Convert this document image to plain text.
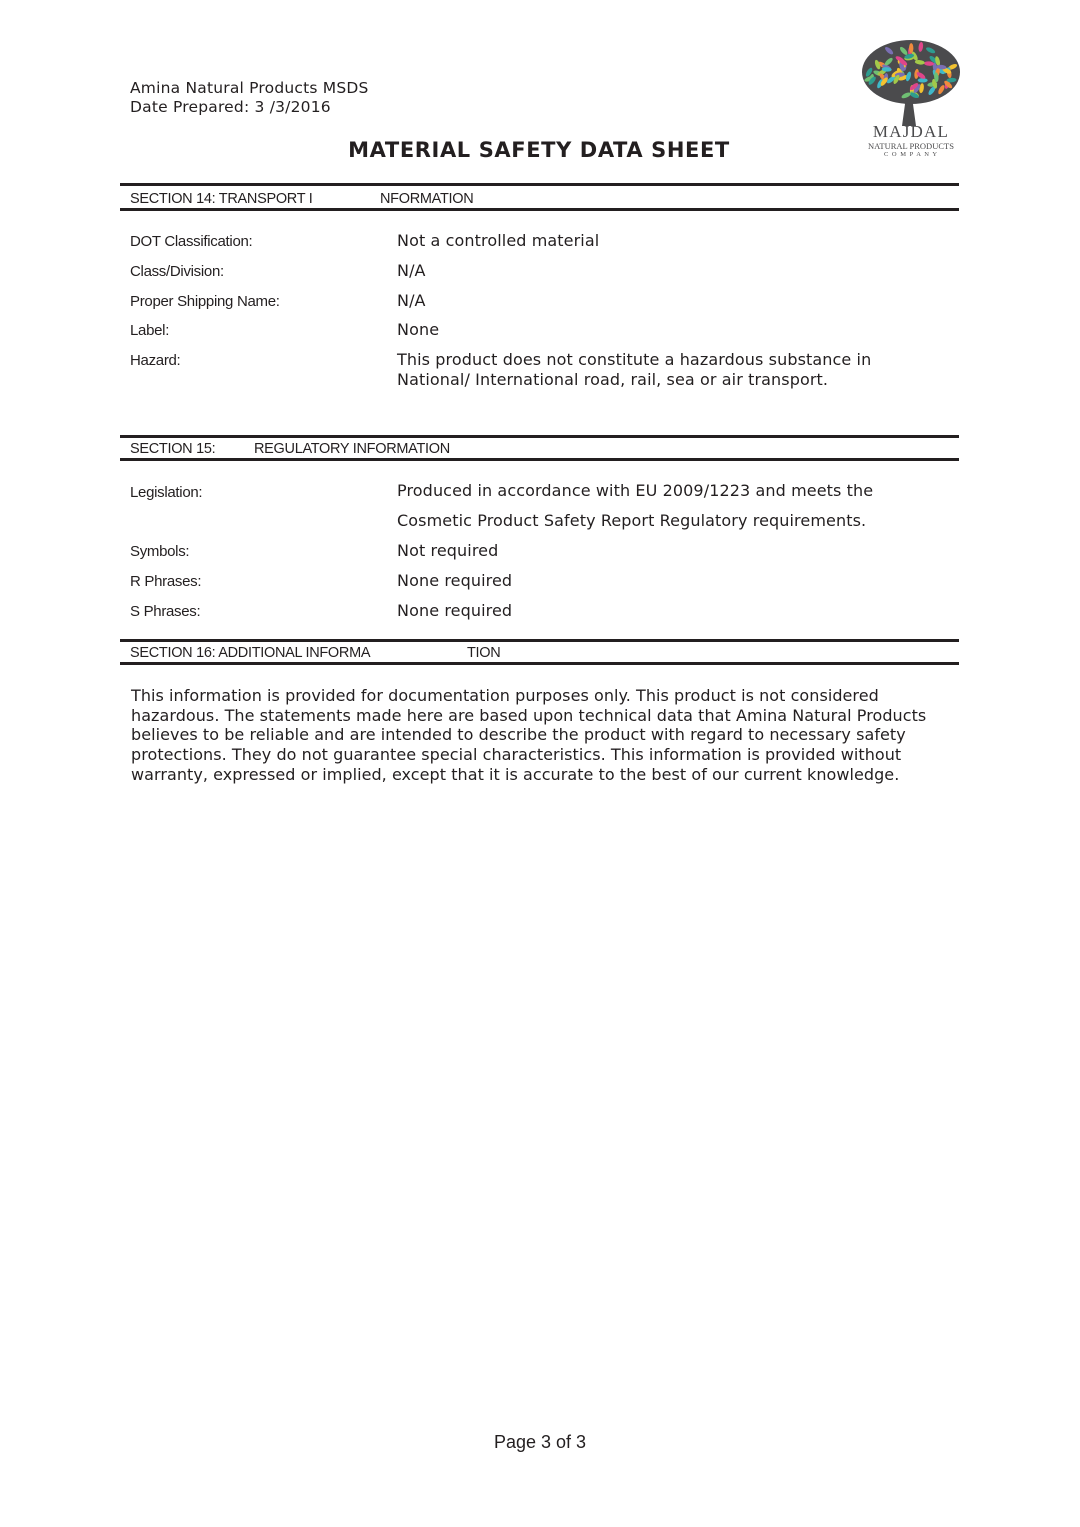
Amina Natural Products MSDS
Date Prepared: 3 /3/2016
MATERIAL SAFETY DATA SHEET
MAJDAL
NATURAL PRODUCTS
C O M P A N Y
SECTION 14: TRANSPORT I	NFORMATION
DOT Classification:	Not a controlled material
Class/Division:	N/A
Proper Shipping Name:	N/A
Label:	None
Hazard:	This product does not constitute a hazardous substance in
National/ International road, rail, sea or air transport.
SECTION 15:	REGULATORY INFORMATION
Legislation:	Produced in accordance with EU 2009/1223 and meets the
Cosmetic Product Safety Report Regulatory requirements.
Symbols:	Not required
R Phrases:	None required
S Phrases:	None required
SECTION 16: ADDITIONAL INFORMA	TION
This information is provided for documentation purposes only. This product is not considered
hazardous. The statements made here are based upon technical data that Amina Natural Products
believes to be reliable and are intended to describe the product with regard to necessary safety
protections. They do not guarantee special characteristics. This information is provided without
warranty, expressed or implied, except that it is accurate to the best of our current knowledge.
Page 3 of 3
